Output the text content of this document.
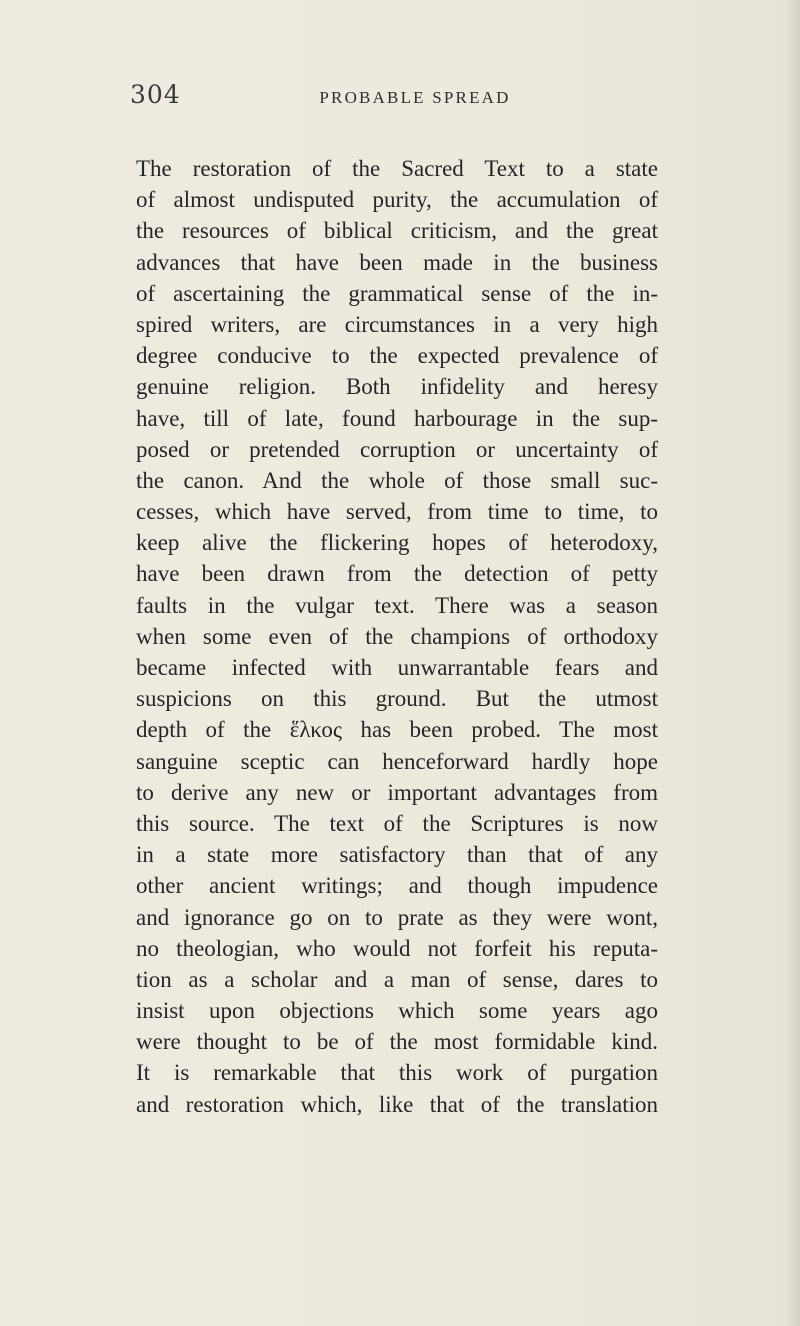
304	PROBABLE SPREAD
The restoration of the Sacred Text to a state
of almost undisputed purity, the accumulation of
the resources of biblical criticism, and the great
advances that have been made in the business
of ascertaining the grammatical sense of the in-
spired writers, are circumstances in a very high
degree conducive to the expected prevalence of
genuine religion. Both infidelity and heresy
have, till of late, found harbourage in the sup-
posed or pretended corruption or uncertainty of
the canon. And the whole of those small suc-
cesses, which have served, from time to time, to
keep alive the flickering hopes of heterodoxy,
have been drawn from the detection of petty
faults in the vulgar text. There was a season
when some even of the champions of orthodoxy
became infected with unwarrantable fears and
suspicions on this ground. But the utmost
depth of the ἕλκος has been probed. The most
sanguine sceptic can henceforward hardly hope
to derive any new or important advantages from
this source. The text of the Scriptures is now
in a state more satisfactory than that of any
other ancient writings; and though impudence
and ignorance go on to prate as they were wont,
no theologian, who would not forfeit his reputa-
tion as a scholar and a man of sense, dares to
insist upon objections which some years ago
were thought to be of the most formidable kind.
It is remarkable that this work of purgation
and restoration which, like that of the translation
